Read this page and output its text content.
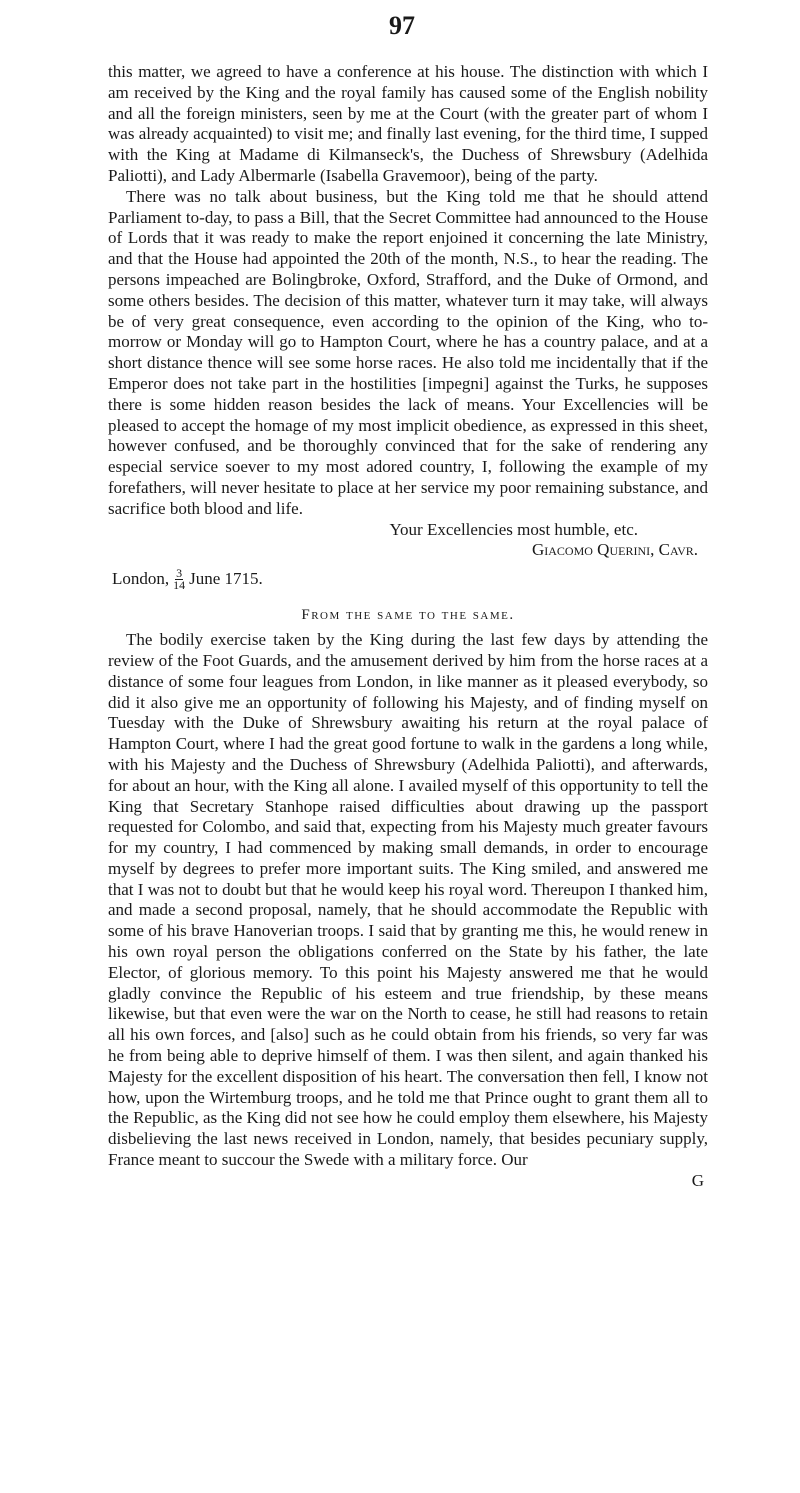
97

this matter, we agreed to have a conference at his house. The distinction with which I am received by the King and the royal family has caused some of the English nobility and all the foreign ministers, seen by me at the Court (with the greater part of whom I was already acquainted) to visit me; and finally last evening, for the third time, I supped with the King at Madame di Kilmanseck's, the Duchess of Shrewsbury (Adelhida Paliotti), and Lady Albermarle (Isabella Gravemoor), being of the party.

There was no talk about business, but the King told me that he should attend Parliament to-day, to pass a Bill, that the Secret Committee had announced to the House of Lords that it was ready to make the report enjoined it concerning the late Ministry, and that the House had appointed the 20th of the month, N.S., to hear the reading. The persons impeached are Bolingbroke, Oxford, Strafford, and the Duke of Ormond, and some others besides. The decision of this matter, whatever turn it may take, will always be of very great consequence, even according to the opinion of the King, who to-morrow or Monday will go to Hampton Court, where he has a country palace, and at a short distance thence will see some horse races. He also told me incidentally that if the Emperor does not take part in the hostilities [impegni] against the Turks, he supposes there is some hidden reason besides the lack of means. Your Excellencies will be pleased to accept the homage of my most implicit obedience, as expressed in this sheet, however confused, and be thoroughly convinced that for the sake of rendering any especial service soever to my most adored country, I, following the example of my forefathers, will never hesitate to place at her service my poor remaining substance, and sacrifice both blood and life.

Your Excellencies most humble, etc.
Giacomo Querini, Cavr.
London, $\frac{3}{14}$ June 1715.
From the same to the same.

The bodily exercise taken by the King during the last few days by attending the review of the Foot Guards, and the amusement derived by him from the horse races at a distance of some four leagues from London, in like manner as it pleased everybody, so did it also give me an opportunity of following his Majesty, and of finding myself on Tuesday with the Duke of Shrewsbury awaiting his return at the royal palace of Hampton Court, where I had the great good fortune to walk in the gardens a long while, with his Majesty and the Duchess of Shrewsbury (Adelhida Paliotti), and afterwards, for about an hour, with the King all alone. I availed myself of this opportunity to tell the King that Secretary Stanhope raised difficulties about drawing up the passport requested for Colombo, and said that, expecting from his Majesty much greater favours for my country, I had commenced by making small demands, in order to encourage myself by degrees to prefer more important suits. The King smiled, and answered me that I was not to doubt but that he would keep his royal word. Thereupon I thanked him, and made a second proposal, namely, that he should accommodate the Republic with some of his brave Hanoverian troops. I said that by granting me this, he would renew in his own royal person the obligations conferred on the State by his father, the late Elector, of glorious memory. To this point his Majesty answered me that he would gladly convince the Republic of his esteem and true friendship, by these means likewise, but that even were the war on the North to cease, he still had reasons to retain all his own forces, and [also] such as he could obtain from his friends, so very far was he from being able to deprive himself of them. I was then silent, and again thanked his Majesty for the excellent disposition of his heart. The conversation then fell, I know not how, upon the Wirtemburg troops, and he told me that Prince ought to grant them all to the Republic, as the King did not see how he could employ them elsewhere, his Majesty disbelieving the last news received in London, namely, that besides pecuniary supply, France meant to succour the Swede with a military force. Our

G
